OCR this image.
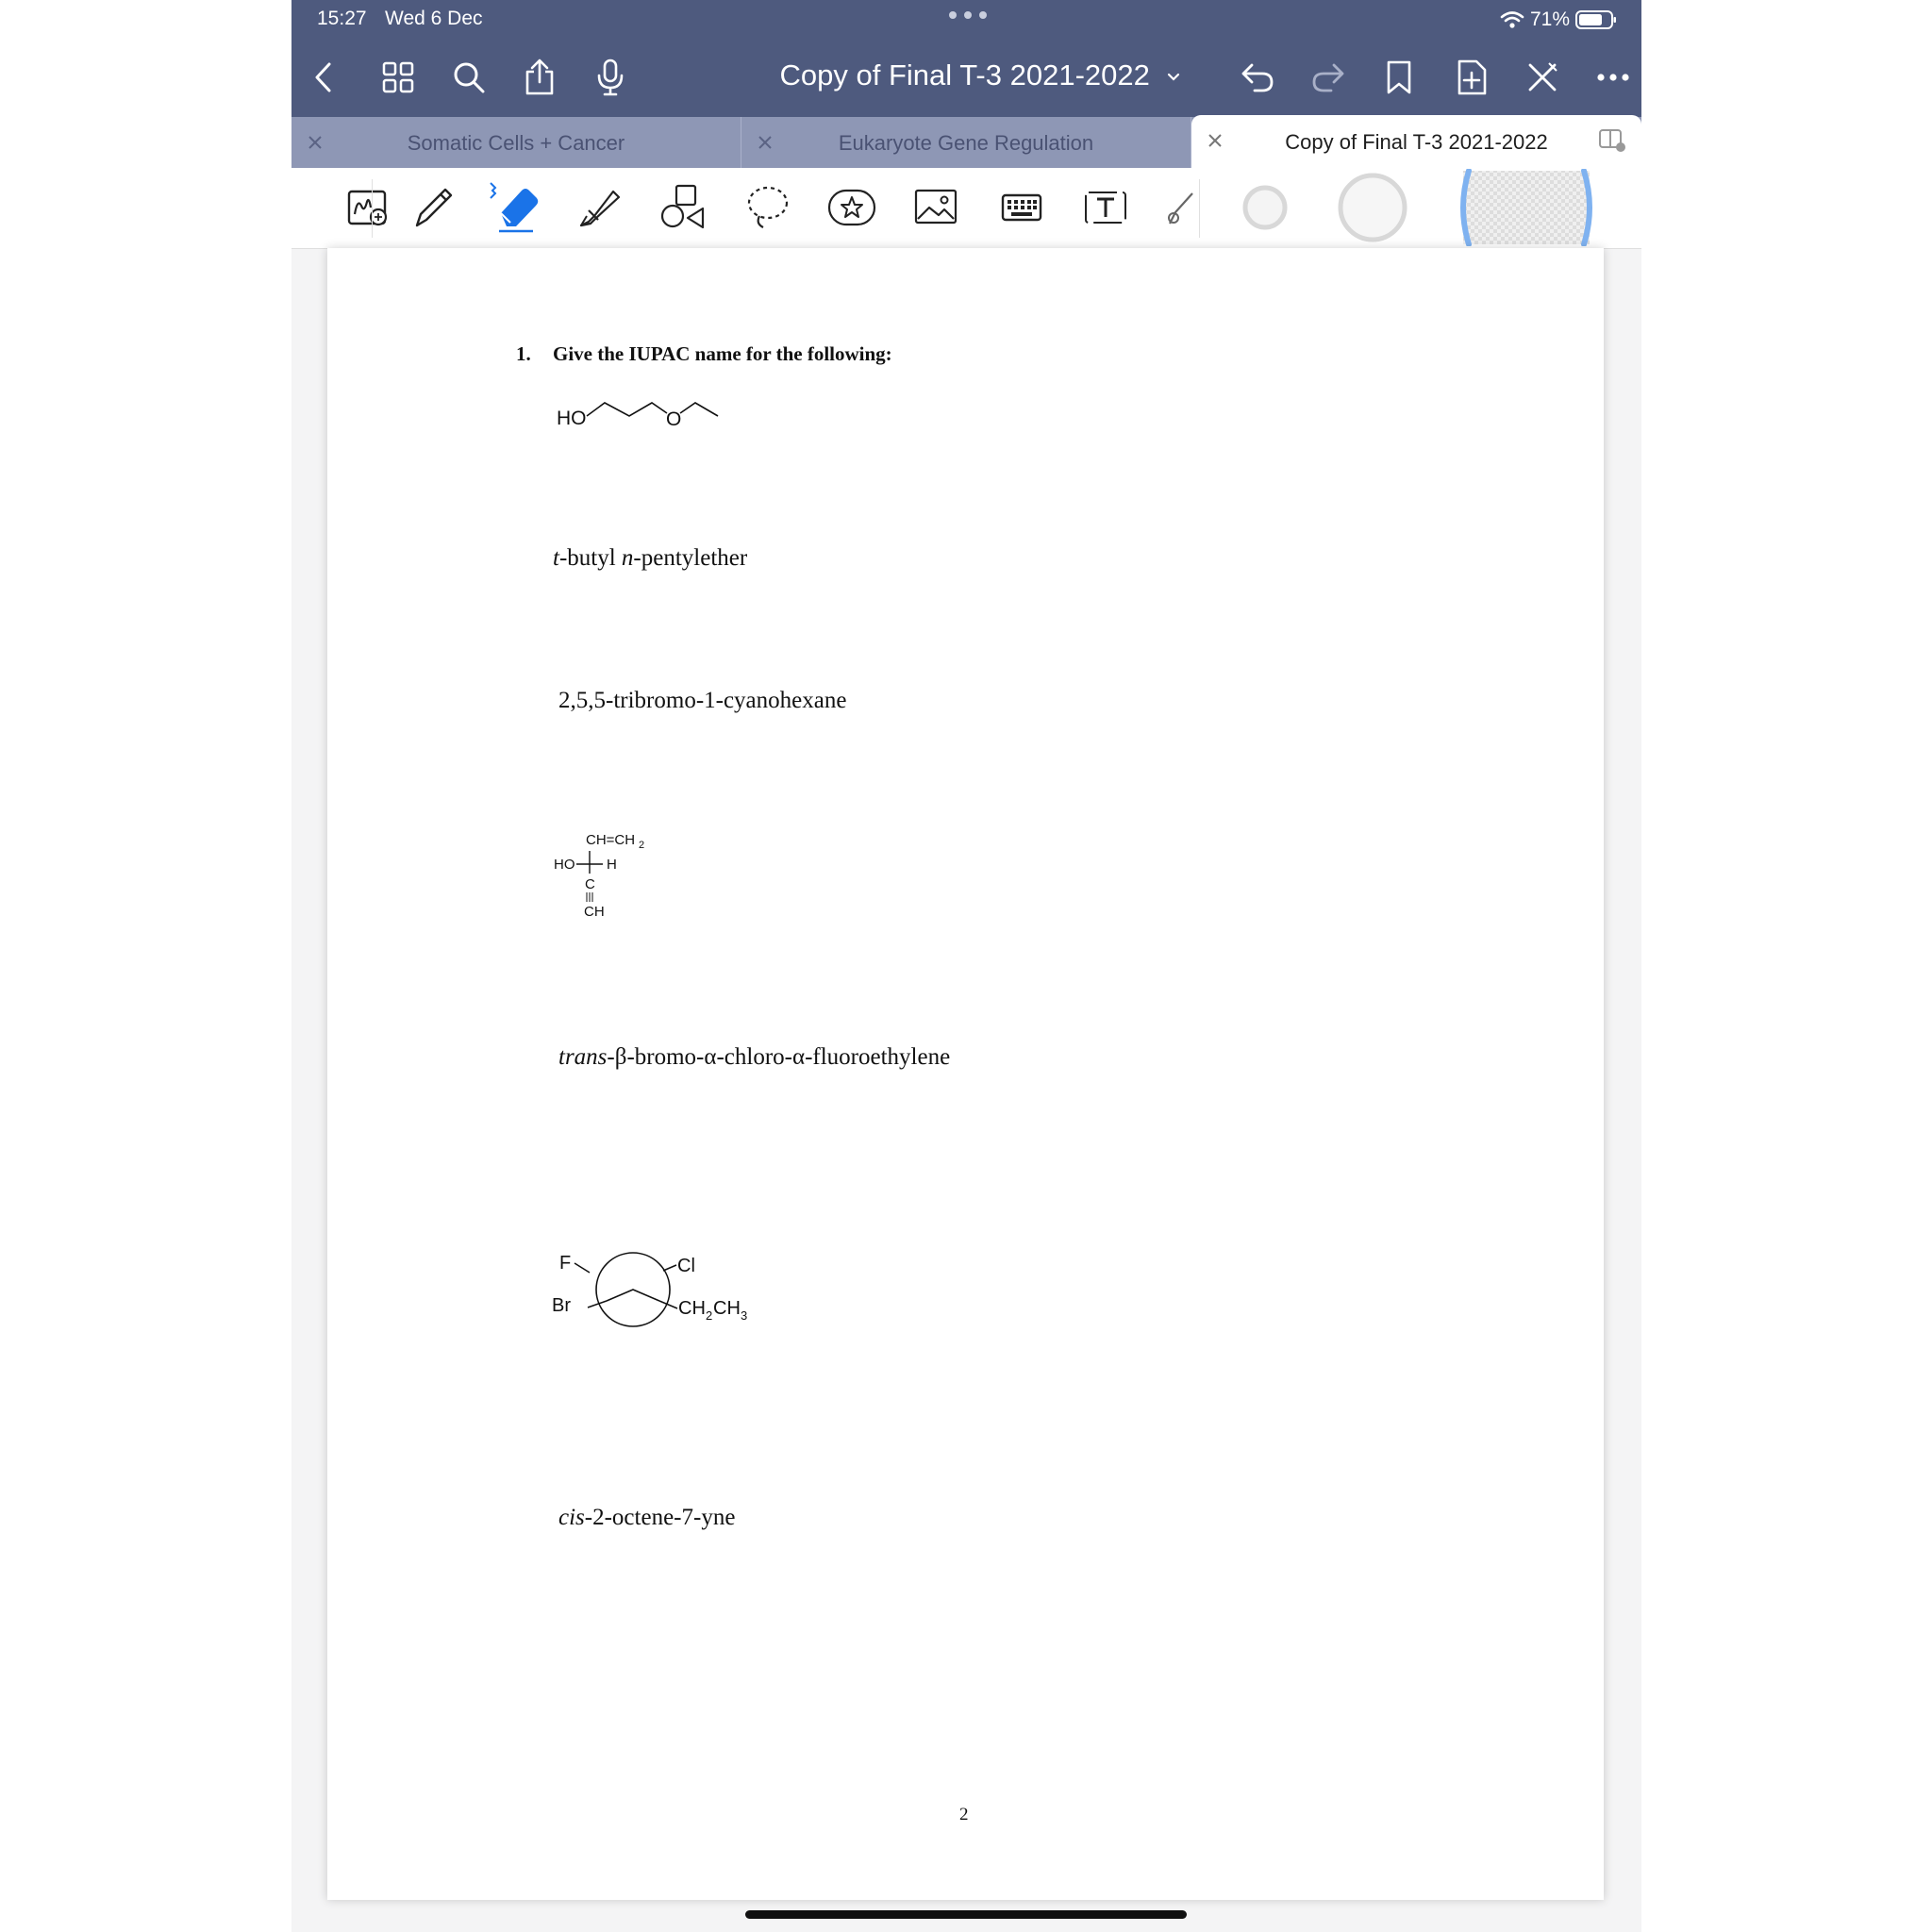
15:27 Wed 6 Dec	71%
Copy of Final T-3 2021-2022
Somatic Cells + Cancer	Eukaryote Gene Regulation	Copy of Final T-3 2021-2022
1. Give the IUPAC name for the following:
HO	O
t-butyl n-pentylether
2,5,5-tribromo-1-cyanohexane
CH=CH 2
HO H
C
CH
trans-β-bromo-α-chloro-α-fluoroethylene
F	Cl
Br	CH 2 CH 3
cis-2-octene-7-yne
2
